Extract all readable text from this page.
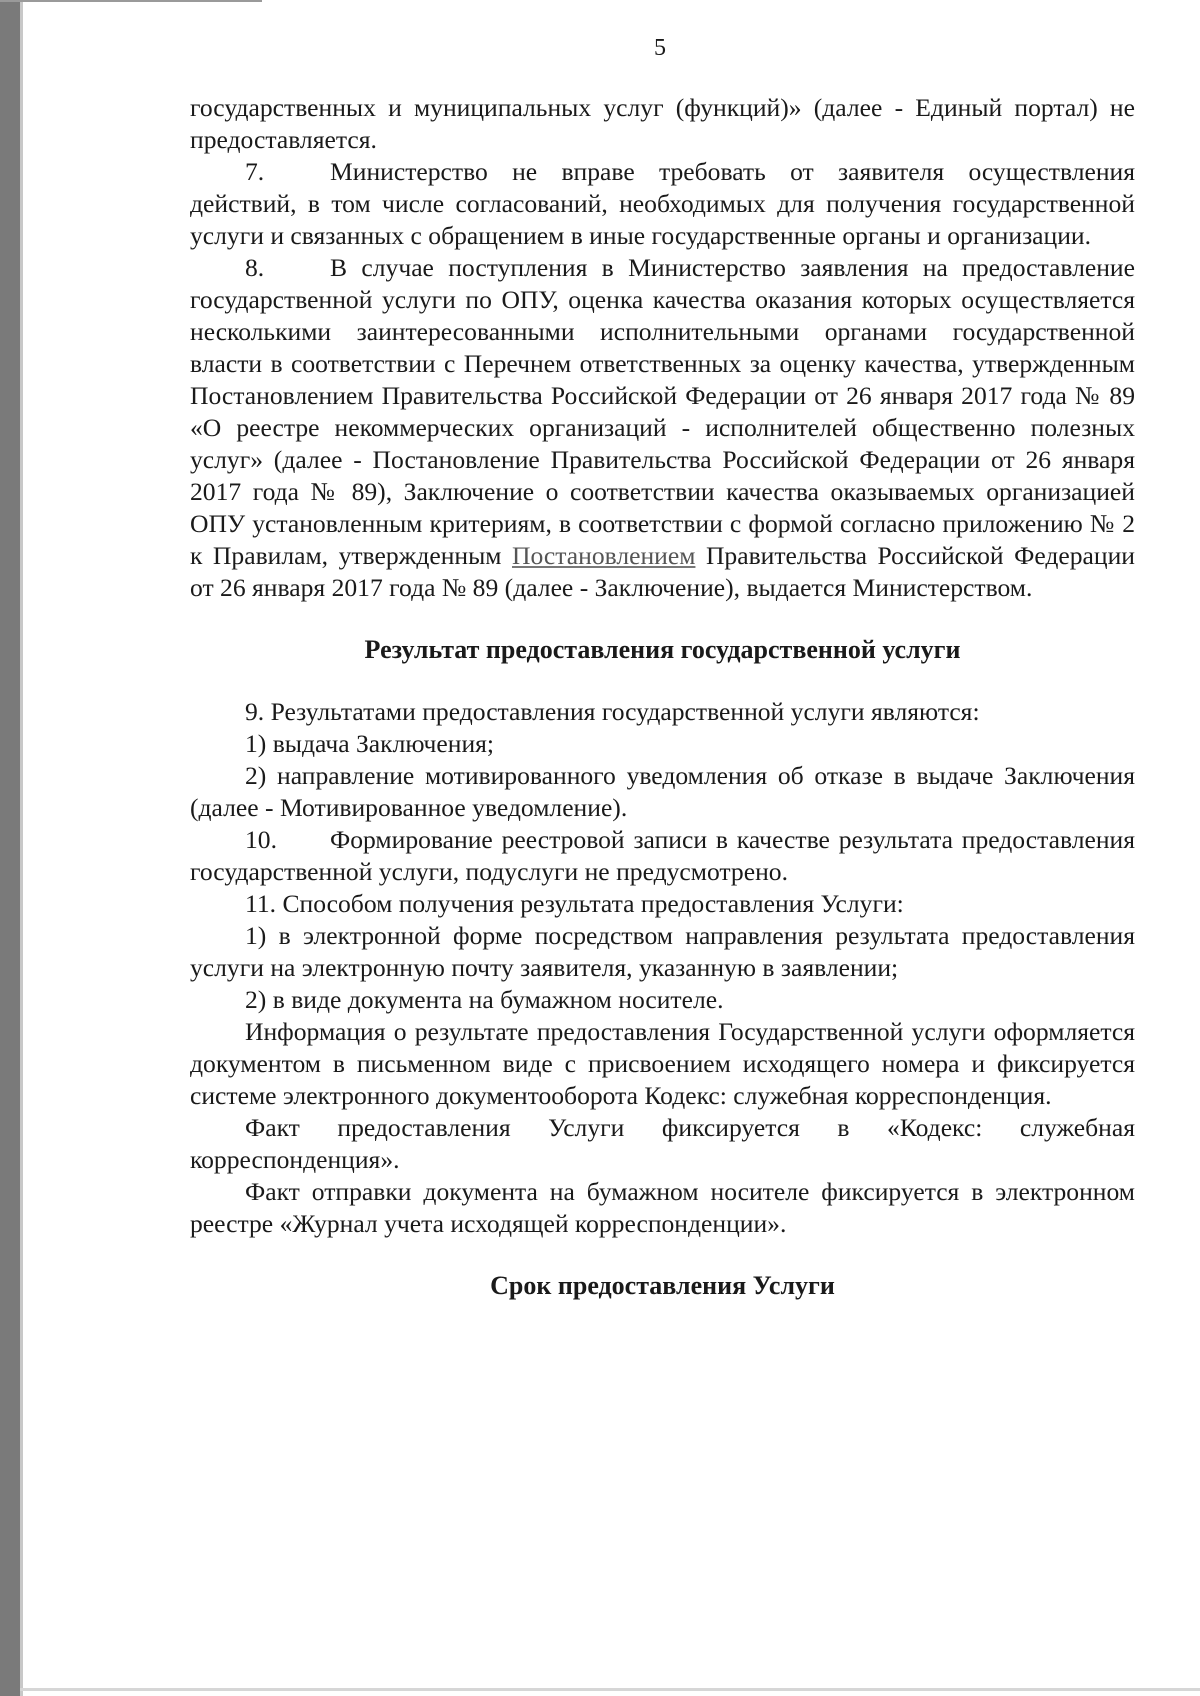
5

государственных и муниципальных услуг (функций)» (далее - Единый портал) не предоставляется.

7.	Министерство не вправе требовать от заявителя осуществления действий, в том числе согласований, необходимых для получения государственной услуги и связанных с обращением в иные государственные органы и организации.

8.	В случае поступления в Министерство заявления на предоставление государственной услуги по ОПУ, оценка качества оказания которых осуществляется несколькими заинтересованными исполнительными органами государственной власти в соответствии с Перечнем ответственных за оценку качества, утвержденным Постановлением Правительства Российской Федерации от 26 января 2017 года № 89 «О реестре некоммерческих организаций - исполнителей общественно полезных услуг» (далее - Постановление Правительства Российской Федерации от 26 января 2017 года № 89), Заключение о соответствии качества оказываемых организацией ОПУ установленным критериям, в соответствии с формой согласно приложению № 2 к Правилам, утвержденным Постановлением Правительства Российской Федерации от 26 января 2017 года № 89 (далее - Заключение), выдается Министерством.

Результат предоставления государственной услуги

9. Результатами предоставления государственной услуги являются:

1) выдача Заключения;

2) направление мотивированного уведомления об отказе в выдаче Заключения (далее - Мотивированное уведомление).

10. Формирование реестровой записи в качестве результата предоставления государственной услуги, подуслуги не предусмотрено.

11. Способом получения результата предоставления Услуги:

1) в электронной форме посредством направления результата предоставления услуги на электронную почту заявителя, указанную в заявлении;

2) в виде документа на бумажном носителе.

Информация о результате предоставления Государственной услуги оформляется документом в письменном виде с присвоением исходящего номера и фиксируется системе электронного документооборота Кодекс: служебная корреспонденция.

Факт предоставления Услуги фиксируется в «Кодекс: служебная корреспонденция».

Факт отправки документа на бумажном носителе фиксируется в электронном реестре «Журнал учета исходящей корреспонденции».

Срок предоставления Услуги
